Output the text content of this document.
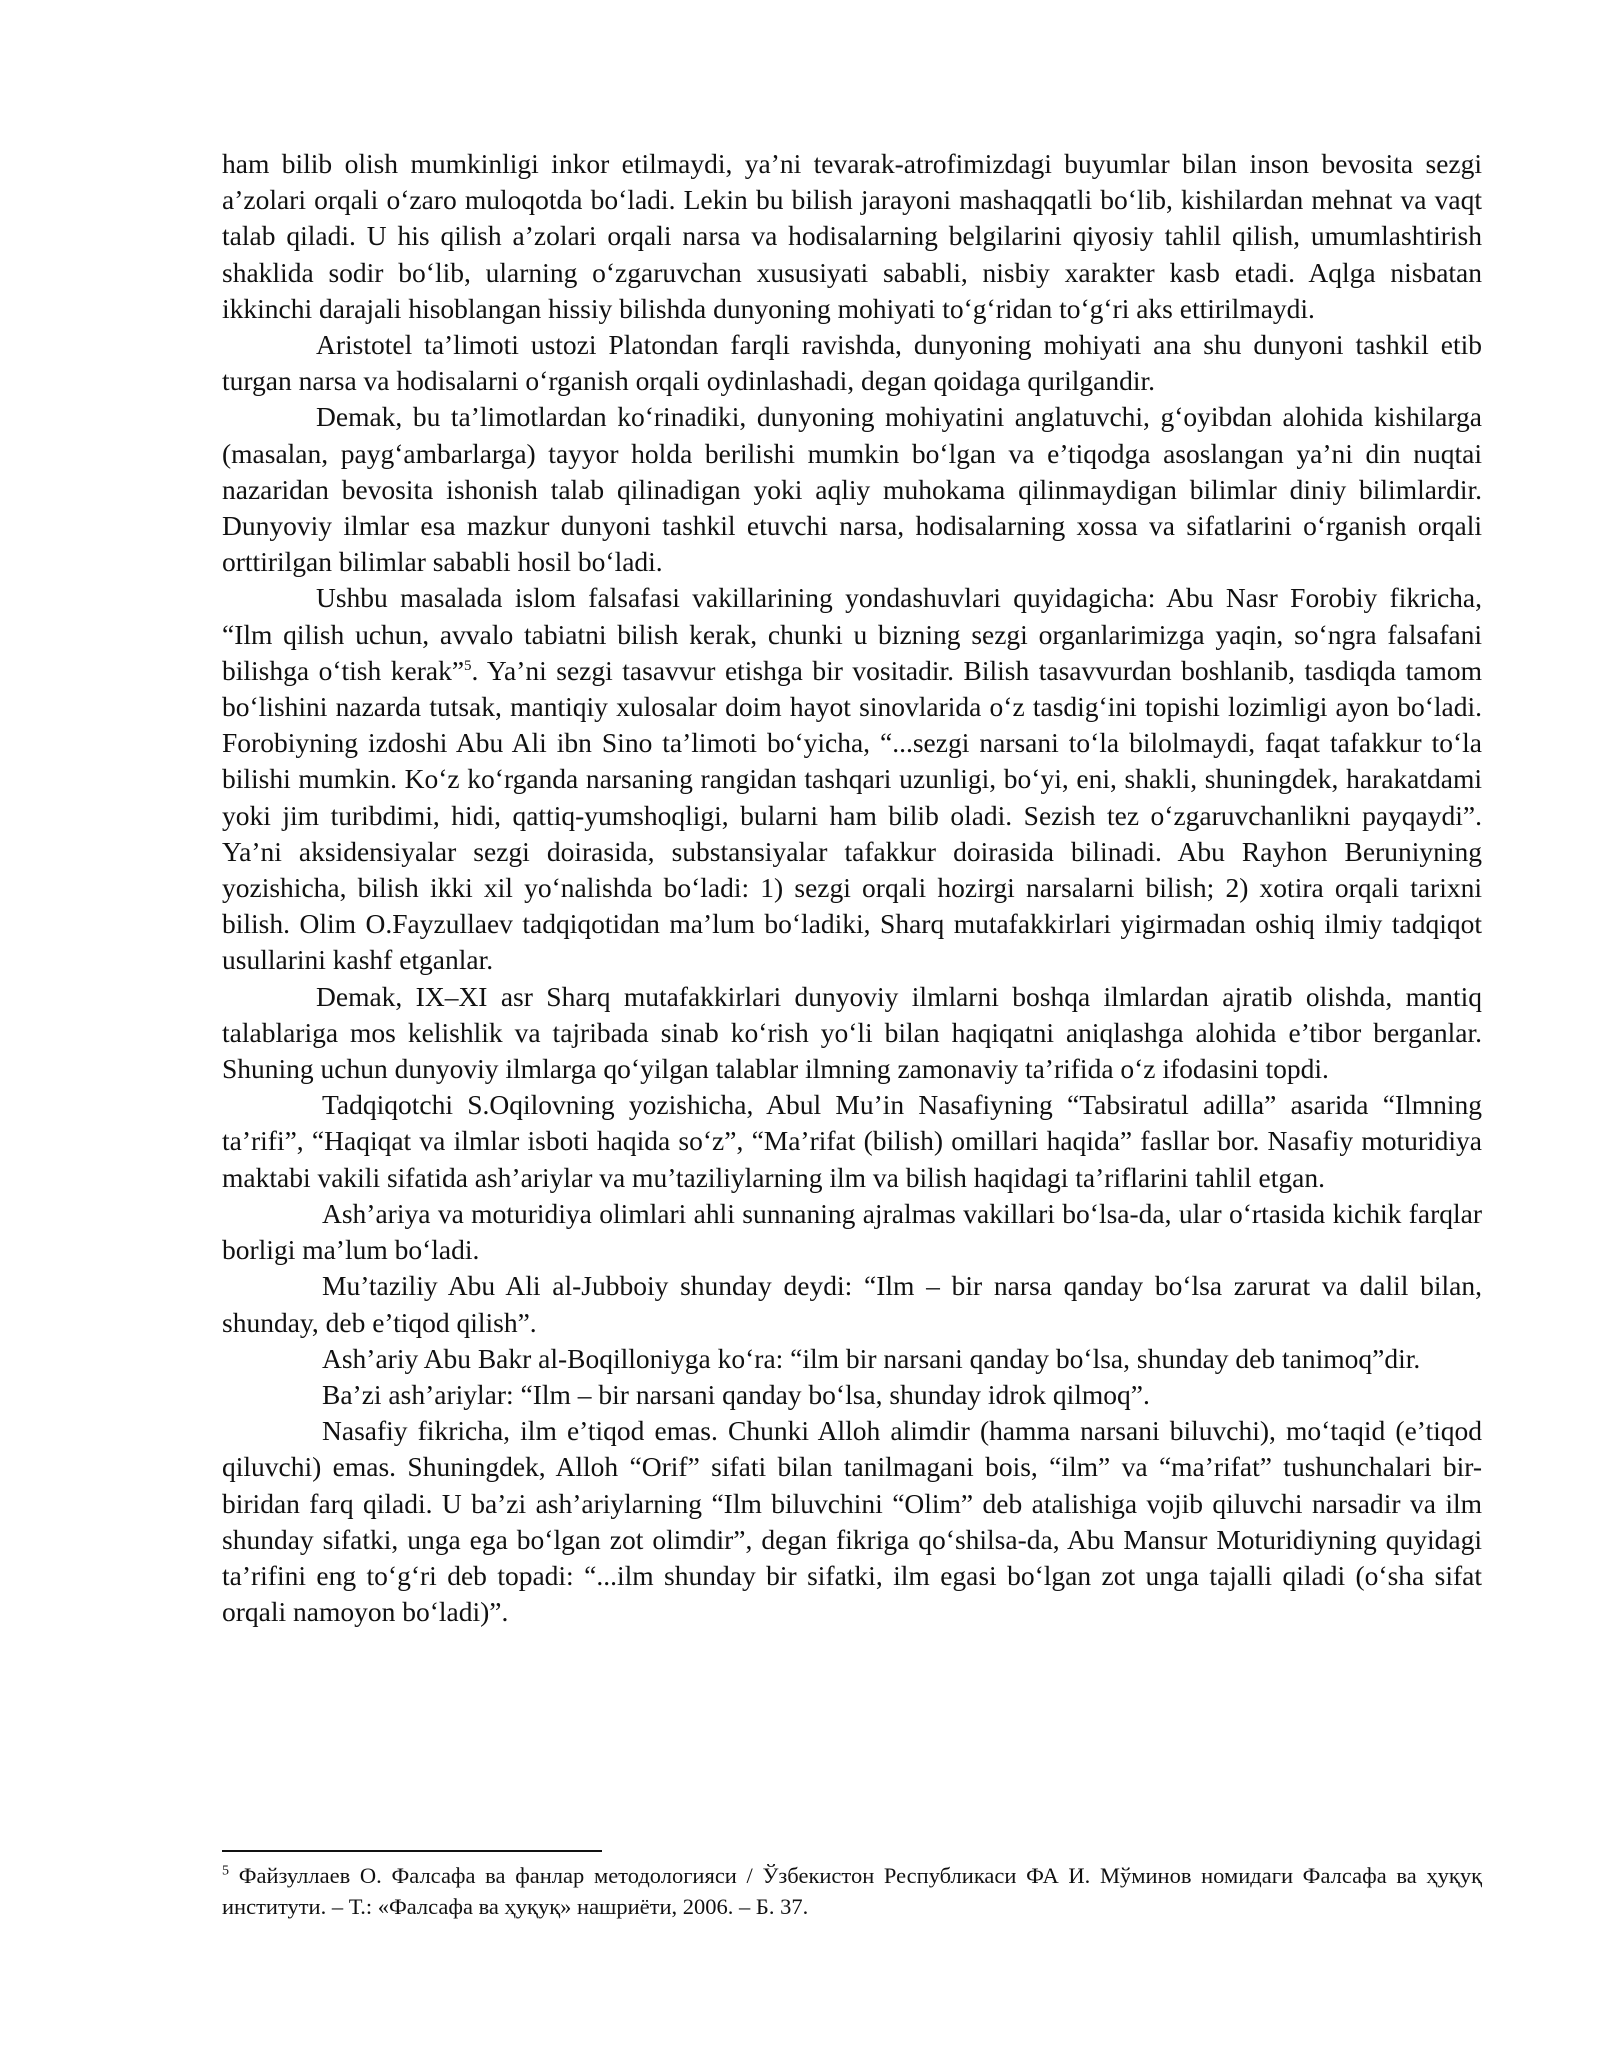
ham bilib olish mumkinligi inkor etilmaydi, ya’ni tevarak-atrofimizdagi buyumlar bilan inson bevosita sezgi a’zolari orqali o‘zaro muloqotda bo‘ladi. Lekin bu bilish jarayoni mashaqqatli bo‘lib, kishilardan mehnat va vaqt talab qiladi. U his qilish a’zolari orqali narsa va hodisalarning belgilarini qiyosiy tahlil qilish, umumlashtirish shaklida sodir bo‘lib, ularning o‘zgaruvchan xususiyati sababli, nisbiy xarakter kasb etadi. Aqlga nisbatan ikkinchi darajali hisoblangan hissiy bilishda dunyoning mohiyati to‘g‘ridan to‘g‘ri aks ettirilmaydi.

Aristotel ta’limoti ustozi Platondan farqli ravishda, dunyoning mohiyati ana shu dunyoni tashkil etib turgan narsa va hodisalarni o‘rganish orqali oydinlashadi, degan qoidaga qurilgandir.

Demak, bu ta’limotlardan ko‘rinadiki, dunyoning mohiyatini anglatuvchi, g‘oyibdan alohida kishilarga (masalan, payg‘ambarlarga) tayyor holda berilishi mumkin bo‘lgan va e’tiqodga asoslangan ya’ni din nuqtai nazaridan bevosita ishonish talab qilinadigan yoki aqliy muhokama qilinmaydigan bilimlar diniy bilimlardir. Dunyoviy ilmlar esa mazkur dunyoni tashkil etuvchi narsa, hodisalarning xossa va sifatlarini o‘rganish orqali orttirilgan bilimlar sababli hosil bo‘ladi.

Ushbu masalada islom falsafasi vakillarining yondashuvlari quyidagicha: Abu Nasr Forobiy fikricha, “Ilm qilish uchun, avvalo tabiatni bilish kerak, chunki u bizning sezgi organlarimizga yaqin, so‘ngra falsafani bilishga o‘tish kerak”$^5$. Ya’ni sezgi tasavvur etishga bir vositadir. Bilish tasavvurdan boshlanib, tasdiqda tamom bo‘lishini nazarda tutsak, mantiqiy xulosalar doim hayot sinovlarida o‘z tasdig‘ini topishi lozimligi ayon bo‘ladi. Forobiyning izdoshi Abu Ali ibn Sino ta’limoti bo‘yicha, “...sezgi narsani to‘la bilolmaydi, faqat tafakkur to‘la bilishi mumkin. Ko‘z ko‘rganda narsaning rangidan tashqari uzunligi, bo‘yi, eni, shakli, shuningdek, harakatdami yoki jim turibdimi, hidi, qattiq-yumshoqligi, bularni ham bilib oladi. Sezish tez o‘zgaruvchanlikni payqaydi”. Ya’ni aksidensiyalar sezgi doirasida, substansiyalar tafakkur doirasida bilinadi. Abu Rayhon Beruniyning yozishicha, bilish ikki xil yo‘nalishda bo‘ladi: 1) sezgi orqali hozirgi narsalarni bilish; 2) xotira orqali tarixni bilish. Olim O.Fayzullaev tadqiqotidan ma’lum bo‘ladiki, Sharq mutafakkirlari yigirmadan oshiq ilmiy tadqiqot usullarini kashf etganlar.

Demak, IX–XI asr Sharq mutafakkirlari dunyoviy ilmlarni boshqa ilmlardan ajratib olishda, mantiq talablariga mos kelishlik va tajribada sinab ko‘rish yo‘li bilan haqiqatni aniqlashga alohida e’tibor berganlar. Shuning uchun dunyoviy ilmlarga qo‘yilgan talablar ilmning zamonaviy ta’rifida o‘z ifodasini topdi.

Tadqiqotchi S.Oqilovning yozishicha, Abul Mu’in Nasafiyning “Tabsiratul adilla” asarida “Ilmning ta’rifi”, “Haqiqat va ilmlar isboti haqida so‘z”, “Ma’rifat (bilish) omillari haqida” fasllar bor. Nasafiy moturidiya maktabi vakili sifatida ash’ariylar va mu’taziliylarning ilm va bilish haqidagi ta’riflarini tahlil etgan.

Ash’ariya va moturidiya olimlari ahli sunnaning ajralmas vakillari bo‘lsa-da, ular o‘rtasida kichik farqlar borligi ma’lum bo‘ladi.

Mu’taziliy Abu Ali al-Jubboiy shunday deydi: “Ilm – bir narsa qanday bo‘lsa zarurat va dalil bilan, shunday, deb e’tiqod qilish”.

Ash’ariy Abu Bakr al-Boqilloniyga ko‘ra: “ilm bir narsani qanday bo‘lsa, shunday deb tanimoq”dir.

Ba’zi ash’ariylar: “Ilm – bir narsani qanday bo‘lsa, shunday idrok qilmoq”.

Nasafiy fikricha, ilm e’tiqod emas. Chunki Alloh alimdir (hamma narsani biluvchi), mo‘taqid (e’tiqod qiluvchi) emas. Shuningdek, Alloh “Orif” sifati bilan tanilmagani bois, “ilm” va “ma’rifat” tushunchalari bir-biridan farq qiladi. U ba’zi ash’ariylarning “Ilm biluvchini “Olim” deb atalishiga vojib qiluvchi narsadir va ilm shunday sifatki, unga ega bo‘lgan zot olimdir”, degan fikriga qo‘shilsa-da, Abu Mansur Moturidiyning quyidagi ta’rifini eng to‘g‘ri deb topadi: “...ilm shunday bir sifatki, ilm egasi bo‘lgan zot unga tajalli qiladi (o‘sha sifat orqali namoyon bo‘ladi)”.

$^5$ Файзуллаев О. Фалсафа ва фанлар методологияси / Ўзбекистон Республикаси ФА И. Мўминов номидаги Фалсафа ва ҳуқуқ институти. – Т.: «Фалсафа ва ҳуқуқ» нашриёти, 2006. – Б. 37.
